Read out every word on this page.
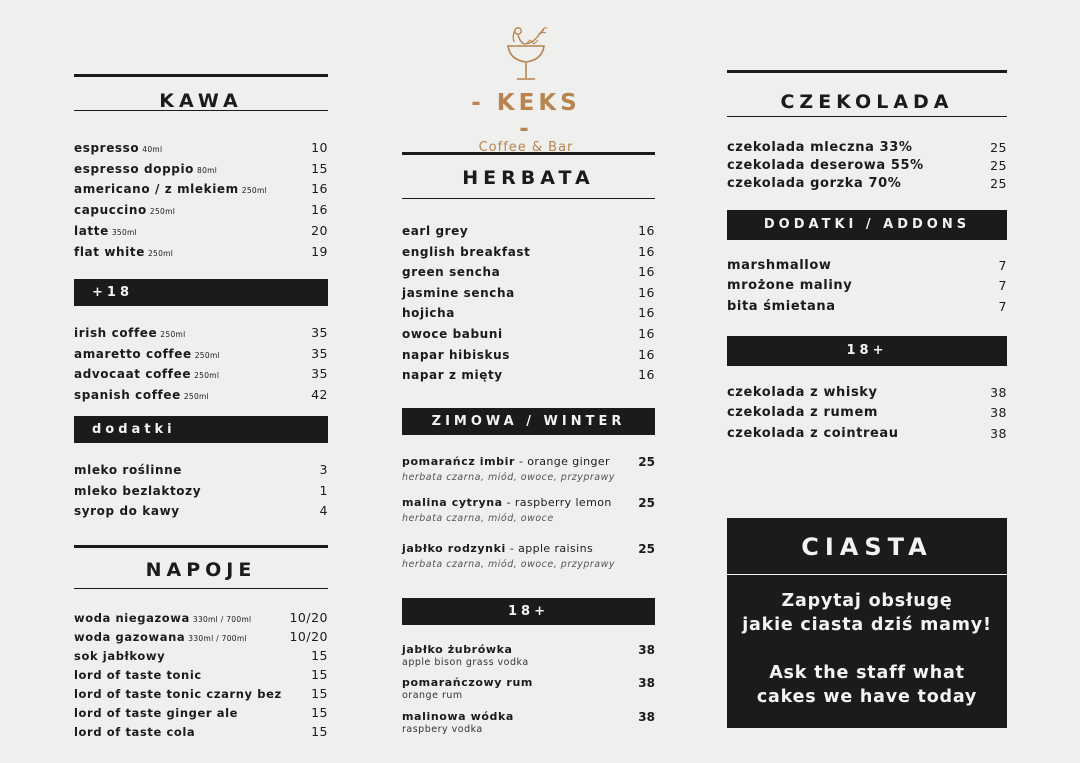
- KEKS -
Coffee & Bar
KAWA
espresso 40ml	10
espresso doppio 80ml	15
americano / z mlekiem 250ml	16
capuccino 250ml	16
latte 350ml	20
flat white 250ml	19
+18
irish coffee 250ml	35
amaretto coffee 250ml	35
advocaat coffee 250ml	35
spanish coffee 250ml	42
dodatki
mleko roślinne	3
mleko bezlaktozy	1
syrop do kawy	4
NAPOJE
woda niegazowa 330ml / 700ml	10/20
woda gazowana 330ml / 700ml	10/20
sok jabłkowy	15
lord of taste tonic	15
lord of taste tonic czarny bez 15
lord of taste ginger ale	15
lord of taste cola	15
HERBATA
earl grey	16
english breakfast	16
green sencha	16
jasmine sencha	16
hojicha	16
owoce babuni	16
napar hibiskus	16
napar z mięty	16
ZIMOWA / WINTER
pomarańcz imbir - orange ginger
herbata czarna, miód, owoce, przyprawy
25
malina cytryna - raspberry lemon
herbata czarna, miód, owoce
25
jabłko rodzynki - apple raisins
herbata czarna, miód, owoce, przyprawy
25
18+
jabłko żubrówka
apple bison grass vodka
38
pomarańczowy rum
orange rum
38
malinowa wódka
raspbery vodka
38
CZEKOLADA
czekolada mleczna 33%	25
czekolada deserowa 55%	25
czekolada gorzka 70%	25
DODATKI / ADDONS
marshmallow	7
mrożone maliny	7
bita śmietana	7
18+
czekolada z whisky	38
czekolada z rumem	38
czekolada z cointreau	38
CIASTA
Zapytaj obsługę
jakie ciasta dziś mamy!
Ask the staff what
cakes we have today
